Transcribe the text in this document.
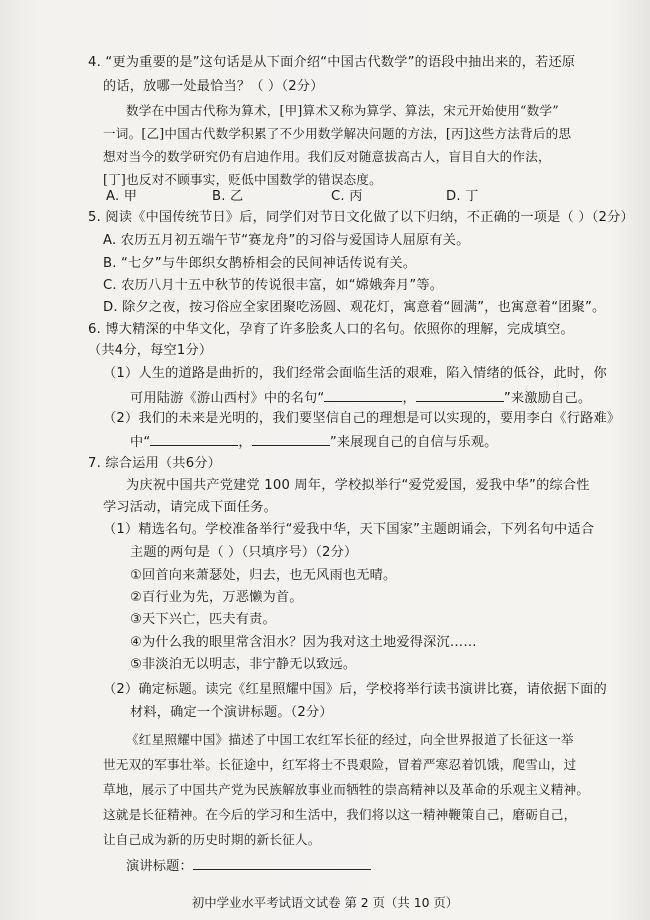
4. “更为重要的是”这句话是从下面介绍“中国古代数学”的语段中抽出来的，若还原
的话，放哪一处最恰当？（ ）（2分）
数学在中国古代称为算术，[甲]算术又称为算学、算法，宋元开始使用“数学”
一词。[乙]中国古代数学积累了不少用数学解决问题的方法，[丙]这些方法背后的思
想对当今的数学研究仍有启迪作用。我们反对随意拔高古人，盲目自大的作法，
[丁]也反对不顾事实，贬低中国数学的错误态度。
A. 甲	B. 乙	C. 丙	D. 丁
5. 阅读《中国传统节日》后，同学们对节日文化做了以下归纳，不正确的一项是（ ）（2分）
A. 农历五月初五端午节“赛龙舟”的习俗与爱国诗人屈原有关。
B. “七夕”与牛郎织女鹊桥相会的民间神话传说有关。
C. 农历八月十五中秋节的传说很丰富，如“嫦娥奔月”等。
D. 除夕之夜，按习俗应全家团聚吃汤圆、观花灯，寓意着“圆满”，也寓意着“团聚”。
6. 博大精深的中华文化，孕育了许多脍炙人口的名句。依照你的理解，完成填空。
（共4分，每空1分）
（1）人生的道路是曲折的，我们经常会面临生活的艰难，陷入情绪的低谷，此时，你
可用陆游《游山西村》中的名句“	，	”来激励自己。
（2）我们的未来是光明的，我们要坚信自己的理想是可以实现的，要用李白《行路难》
中“	，	”来展现自己的自信与乐观。
7. 综合运用（共6分）
为庆祝中国共产党建党 100 周年，学校拟举行“爱党爱国，爱我中华”的综合性
学习活动，请完成下面任务。
（1）精选名句。学校准备举行“爱我中华，天下国家”主题朗诵会，下列名句中适合
主题的两句是（ ）（只填序号）（2分）
①回首向来萧瑟处，归去，也无风雨也无晴。
②百行业为先，万恶懒为首。
③天下兴亡，匹夫有责。
④为什么我的眼里常含泪水？因为我对这土地爱得深沉……
⑤非淡泊无以明志，非宁静无以致远。
（2）确定标题。读完《红星照耀中国》后，学校将举行读书演讲比赛，请依据下面的
材料，确定一个演讲标题。（2分）
《红星照耀中国》描述了中国工农红军长征的经过，向全世界报道了长征这一举
世无双的军事壮举。长征途中，红军将士不畏艰险，冒着严寒忍着饥饿，爬雪山，过
草地，展示了中国共产党为民族解放事业而牺牲的崇高精神以及革命的乐观主义精神。
这就是长征精神。在今后的学习和生活中，我们将以这一精神鞭策自己，磨砺自己，
让自己成为新的历史时期的新长征人。
演讲标题：
初中学业水平考试语文试卷 第 2 页（共 10 页）
